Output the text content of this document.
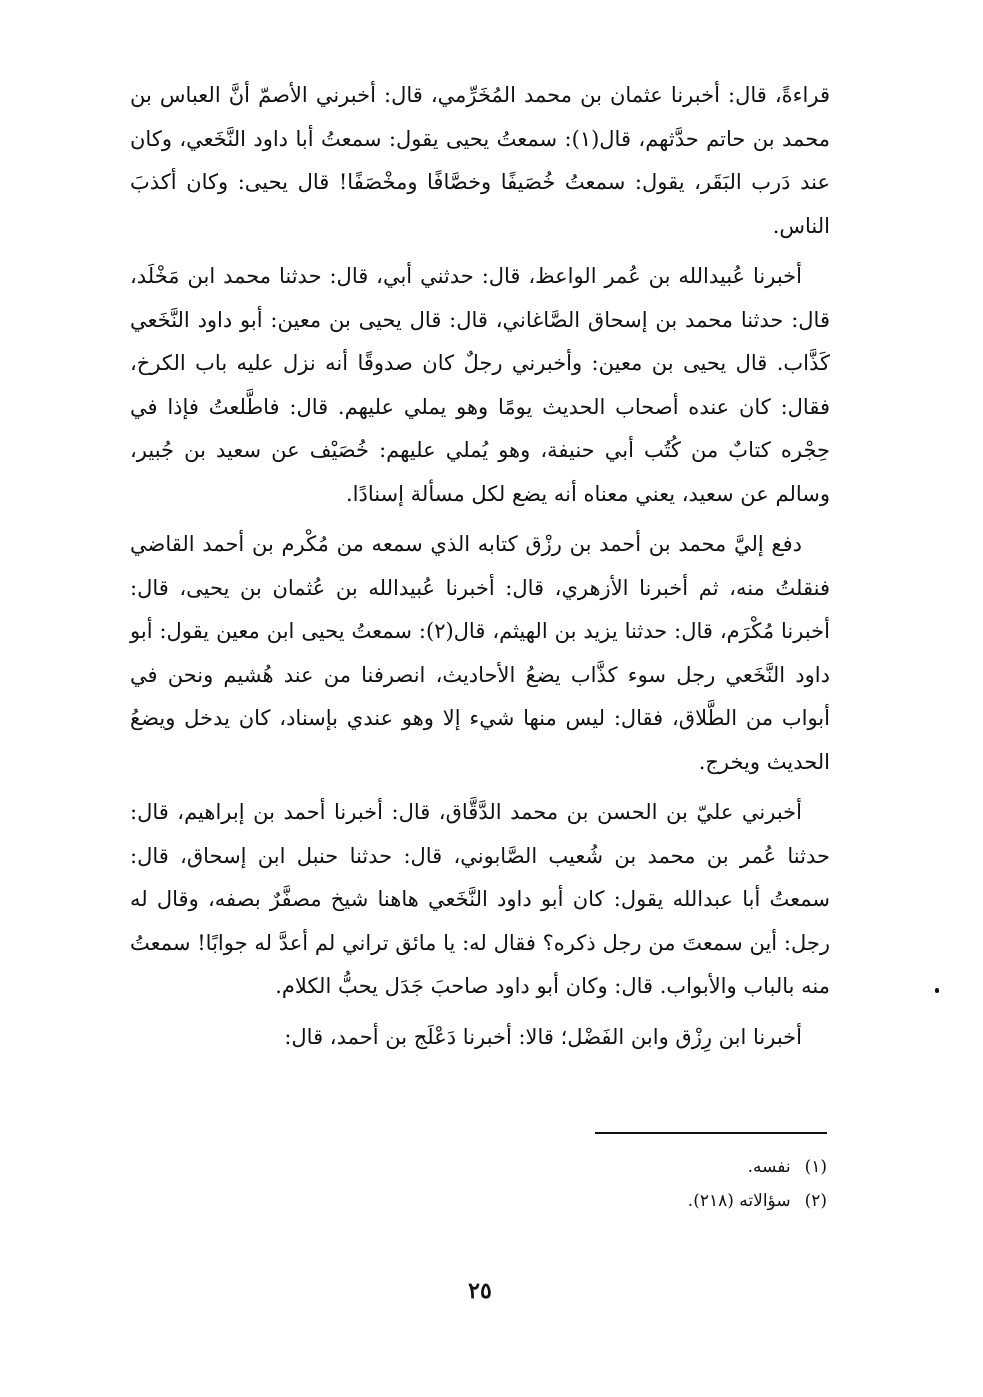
قراءةً، قال: أخبرنا عثمان بن محمد المُخَرِّمي، قال: أخبرني الأصمّ أنَّ العباس بن محمد بن حاتم حدَّثهم، قال(١): سمعتُ يحيى يقول: سمعتُ أبا داود النَّخَعي، وكان عند دَرب البَقَر، يقول: سمعتُ خُصَيفًا وخصَّافًا ومخْصَفًا! قال يحيى: وكان أكذبَ الناس.

أخبرنا عُبيدالله بن عُمر الواعظ، قال: حدثني أبي، قال: حدثنا محمد ابن مَخْلَد، قال: حدثنا محمد بن إسحاق الصَّاغاني، قال: قال يحيى بن معين: أبو داود النَّخَعي كَذَّاب. قال يحيى بن معين: وأخبرني رجلٌ كان صدوقًا أنه نزل عليه باب الكرخ، فقال: كان عنده أصحاب الحديث يومًا وهو يملي عليهم. قال: فاطَّلعتُ فإذا في حِجْره كتابٌ من كُتُب أبي حنيفة، وهو يُملي عليهم: خُصَيْف عن سعيد بن جُبير، وسالم عن سعيد، يعني معناه أنه يضع لكل مسألة إسنادًا.

دفع إليَّ محمد بن أحمد بن رزْق كتابه الذي سمعه من مُكْرم بن أحمد القاضي فنقلتُ منه، ثم أخبرنا الأزهري، قال: أخبرنا عُبيدالله بن عُثمان بن يحيى، قال: أخبرنا مُكْرَم، قال: حدثنا يزيد بن الهيثم، قال(٢): سمعتُ يحيى ابن معين يقول: أبو داود النَّخَعي رجل سوء كذَّاب يضعُ الأحاديث، انصرفنا من عند هُشيم ونحن في أبواب من الطَّلاق، فقال: ليس منها شيء إلا وهو عندي بإسناد، كان يدخل ويضعُ الحديث ويخرج.

أخبرني عليّ بن الحسن بن محمد الدَّقَّاق، قال: أخبرنا أحمد بن إبراهيم، قال: حدثنا عُمر بن محمد بن شُعيب الصَّابوني، قال: حدثنا حنبل ابن إسحاق، قال: سمعتُ أبا عبدالله يقول: كان أبو داود النَّخَعي هاهنا شيخ مصفَّرٌ بصفه، وقال له رجل: أين سمعتَ من رجل ذكره؟ فقال له: يا مائق تراني لم أعدَّ له جوابًا! سمعتُ منه بالباب والأبواب. قال: وكان أبو داود صاحبَ جَدَل يحبُّ الكلام.

أخبرنا ابن رِزْق وابن الفَضْل؛ قالا: أخبرنا دَعْلَج بن أحمد، قال:

(١)
نفسه.
(٢)
سؤالاته (٢١٨).
٢٥
